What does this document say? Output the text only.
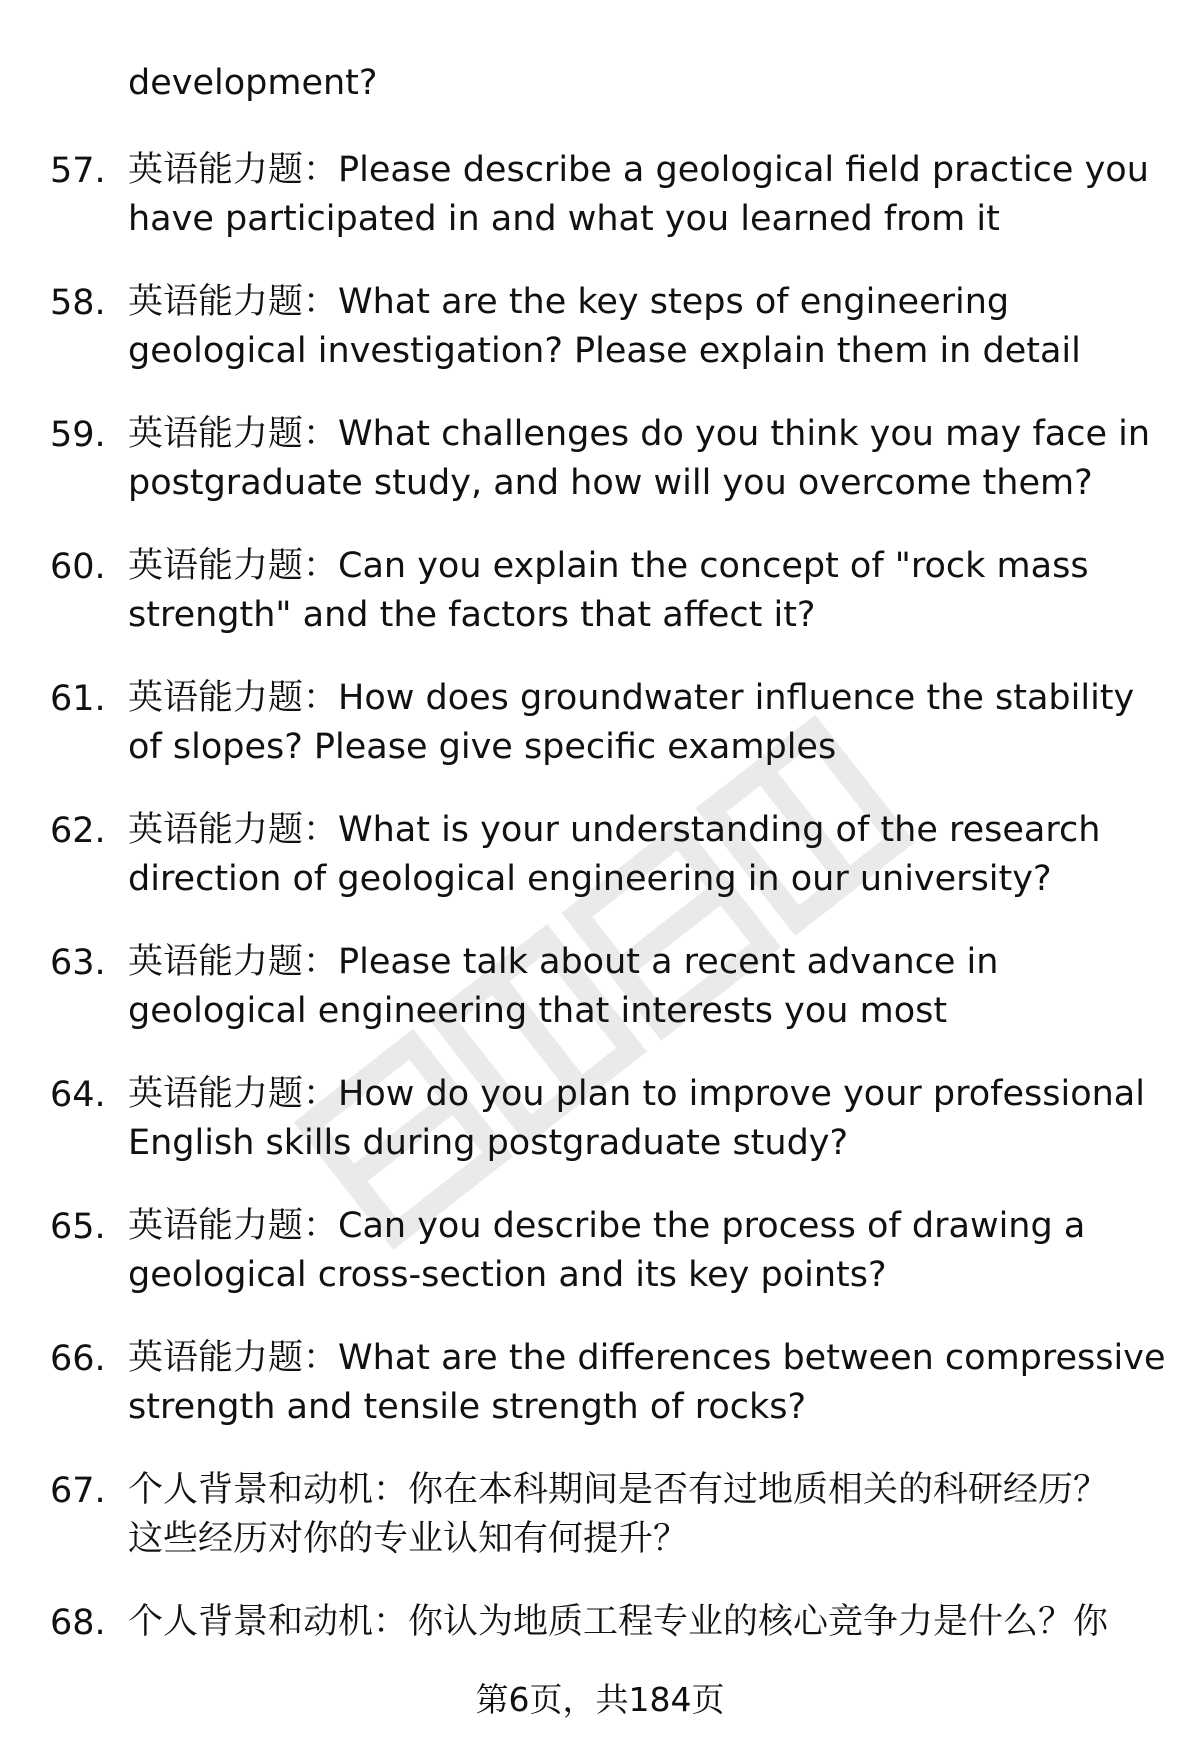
development?
57. 英语能力题：Please describe a geological field practice you
have participated in and what you learned from it
58. 英语能力题：What are the key steps of engineering
geological investigation? Please explain them in detail
59. 英语能力题：What challenges do you think you may face in
postgraduate study, and how will you overcome them?
60. 英语能力题：Can you explain the concept of "rock mass
strength" and the factors that affect it?
61. 英语能力题：How does groundwater influence the stability
of slopes? Please give specific examples
62. 英语能力题：What is your understanding of the research
direction of geological engineering in our university?
63. 英语能力题：Please talk about a recent advance in
geological engineering that interests you most
64. 英语能力题：How do you plan to improve your professional
English skills during postgraduate study?
65. 英语能力题：Can you describe the process of drawing a
geological cross-section and its key points?
66. 英语能力题：What are the differences between compressive
strength and tensile strength of rocks?
67. 个人背景和动机：你在本科期间是否有过地质相关的科研经历？
这些经历对你的专业认知有何提升？
68. 个人背景和动机：你认为地质工程专业的核心竞争力是什么？你
第6页，共184页
